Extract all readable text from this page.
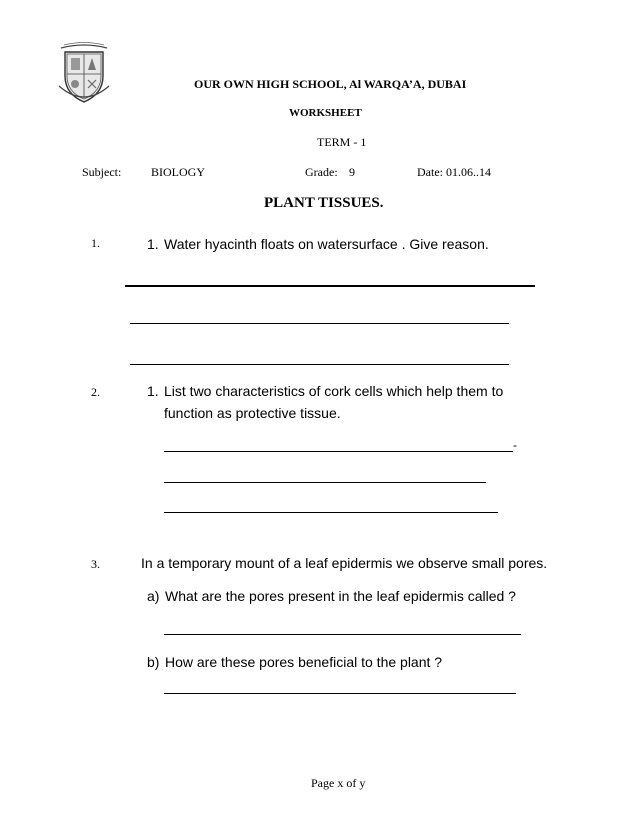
OUR OWN HIGH SCHOOL, Al WARQA’A, DUBAI
WORKSHEET
TERM - 1
Subject: BIOLOGY	Grade: 9	Date: 01.06..14
PLANT TISSUES.
1.	1. Water hyacinth floats on watersurface . Give reason.
2.	1. List two characteristics of cork cells which help them to
function as protective tissue.
-
3.	In a temporary mount of a leaf epidermis we observe small pores.
a) What are the pores present in the leaf epidermis called ?
b) How are these pores beneficial to the plant ?
Page x of y
